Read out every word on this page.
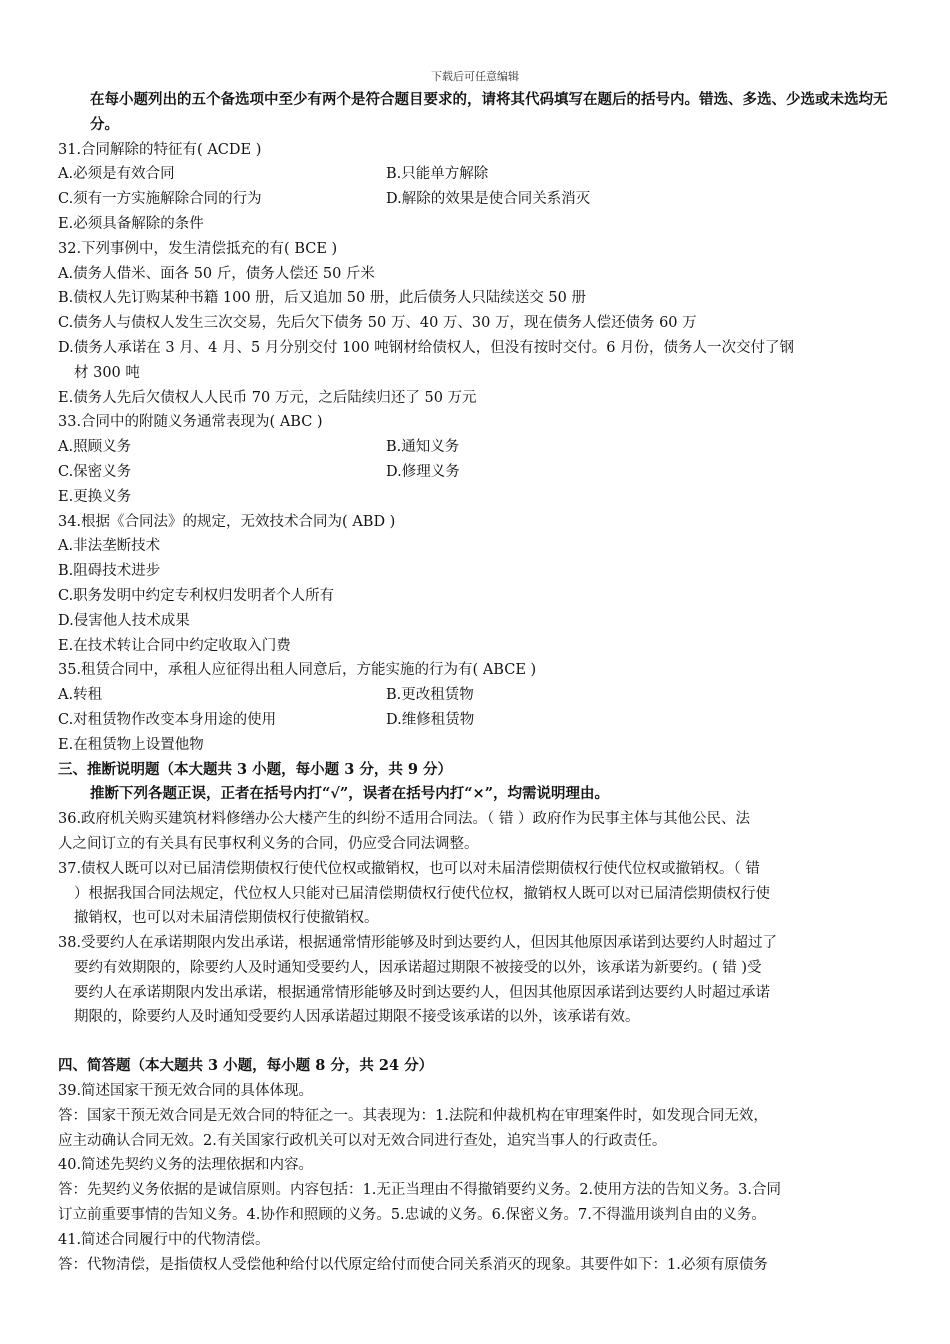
下载后可任意编辑
在每小题列出的五个备选项中至少有两个是符合题目要求的，请将其代码填写在题后的括号内。错选、多选、少选或未选均无分。
31.合同解除的特征有( ACDE )
A.必须是有效合同	B.只能单方解除
C.须有一方实施解除合同的行为	D.解除的效果是使合同关系消灭
E.必须具备解除的条件
32.下列事例中，发生清偿抵充的有( BCE )
A.债务人借米、面各 50 斤，债务人偿还 50 斤米
B.债权人先订购某种书籍 100 册，后又追加 50 册，此后债务人只陆续送交 50 册
C.债务人与债权人发生三次交易，先后欠下债务 50 万、40 万、30 万，现在债务人偿还债务 60 万
D.债务人承诺在 3 月、4 月、5 月分别交付 100 吨钢材给债权人，但没有按时交付。6 月份，债务人一次交付了钢
材 300 吨
E.债务人先后欠债权人人民币 70 万元，之后陆续归还了 50 万元
33.合同中的附随义务通常表现为( ABC )
A.照顾义务	B.通知义务
C.保密义务	D.修理义务
E.更换义务
34.根据《合同法》的规定，无效技术合同为( ABD )
A.非法垄断技术
B.阻碍技术进步
C.职务发明中约定专利权归发明者个人所有
D.侵害他人技术成果
E.在技术转让合同中约定收取入门费
35.租赁合同中，承租人应征得出租人同意后，方能实施的行为有( ABCE )
A.转租	B.更改租赁物
C.对租赁物作改变本身用途的使用	D.维修租赁物
E.在租赁物上设置他物
三、推断说明题（本大题共 3 小题，每小题 3 分，共 9 分）
推断下列各题正误，正者在括号内打“√”，误者在括号内打“×”，均需说明理由。
36.政府机关购买建筑材料修缮办公大楼产生的纠纷不适用合同法。（ 错 ）政府作为民事主体与其他公民、法
人之间订立的有关具有民事权利义务的合同，仍应受合同法调整。
37.债权人既可以对已届清偿期债权行使代位权或撤销权，也可以对未届清偿期债权行使代位权或撤销权。（ 错
）根据我国合同法规定，代位权人只能对已届清偿期债权行使代位权，撤销权人既可以对已届清偿期债权行使
撤销权，也可以对未届清偿期债权行使撤销权。
38.受要约人在承诺期限内发出承诺，根据通常情形能够及时到达要约人，但因其他原因承诺到达要约人时超过了
要约有效期限的，除要约人及时通知受要约人，因承诺超过期限不被接受的以外，该承诺为新要约。( 错 )受
要约人在承诺期限内发出承诺，根据通常情形能够及时到达要约人，但因其他原因承诺到达要约人时超过承诺
期限的，除要约人及时通知受要约人因承诺超过期限不接受该承诺的以外，该承诺有效。
四、简答题（本大题共 3 小题，每小题 8 分，共 24 分）
39.简述国家干预无效合同的具体体现。
答：国家干预无效合同是无效合同的特征之一。其表现为：1.法院和仲裁机构在审理案件时，如发现合同无效，
应主动确认合同无效。2.有关国家行政机关可以对无效合同进行查处，追究当事人的行政责任。
40.简述先契约义务的法理依据和内容。
答：先契约义务依据的是诚信原则。内容包括：1.无正当理由不得撤销要约义务。2.使用方法的告知义务。3.合同
订立前重要事情的告知义务。4.协作和照顾的义务。5.忠诚的义务。6.保密义务。7.不得滥用谈判自由的义务。
41.简述合同履行中的代物清偿。
答：代物清偿，是指债权人受偿他种给付以代原定给付而使合同关系消灭的现象。其要件如下：1.必须有原债务
